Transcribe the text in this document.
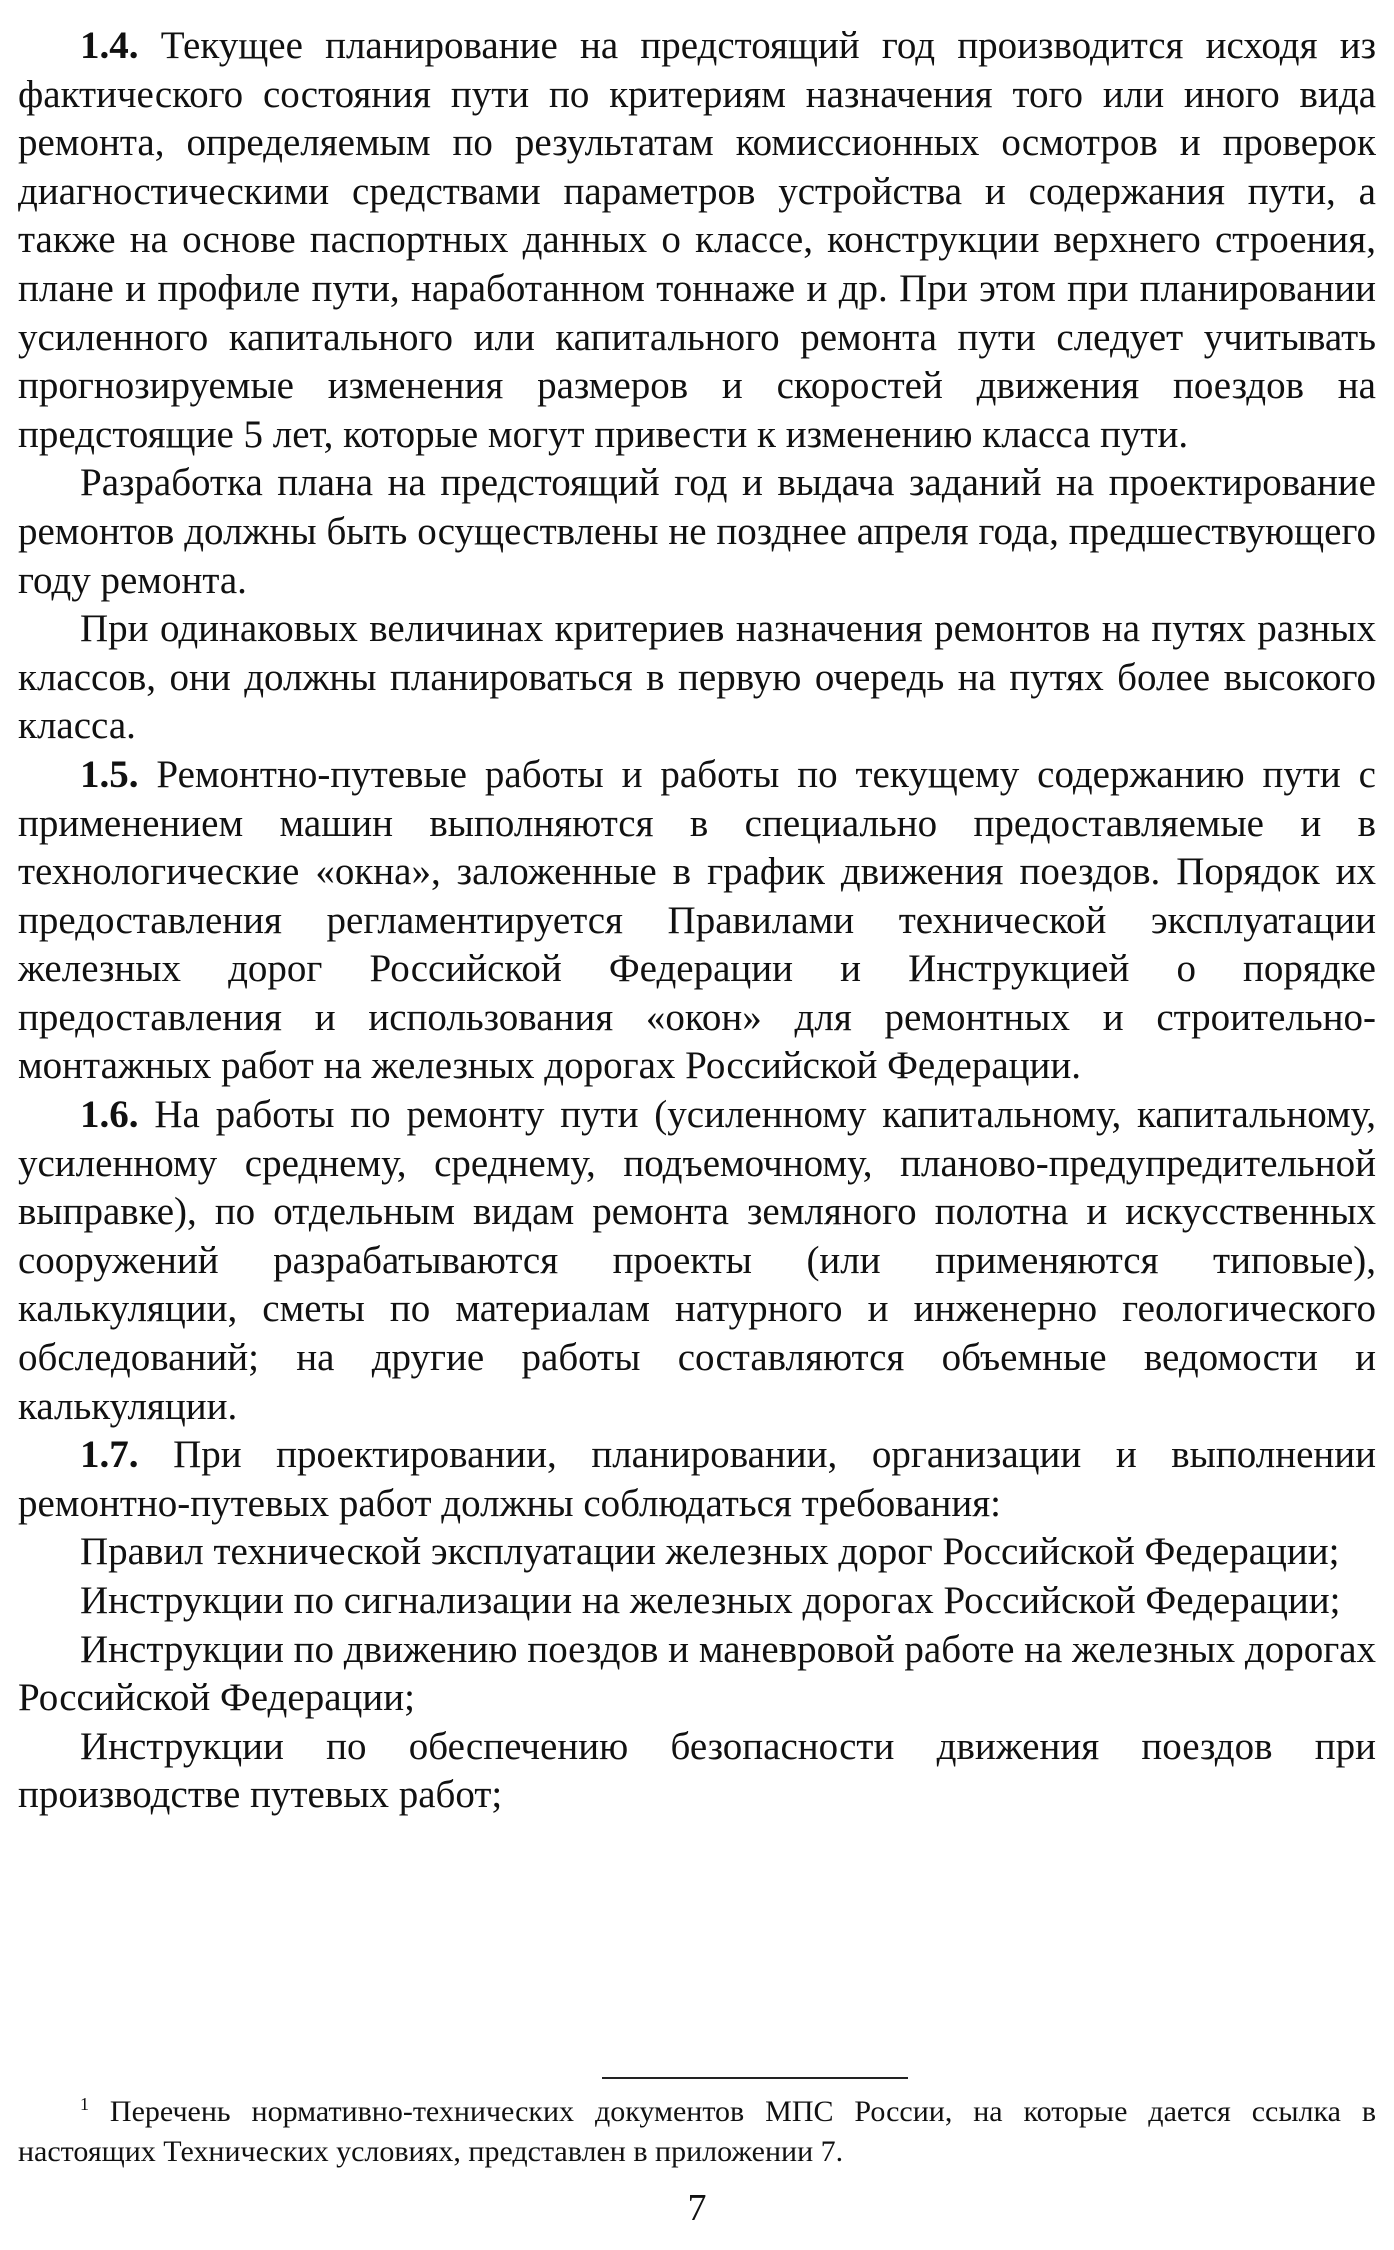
1.4. Текущее планирование на предстоящий год производится исходя из фактического состояния пути по критериям назначения того или иного вида ремонта, определяемым по результатам комиссионных осмотров и проверок диагностическими средствами параметров устройства и содержания пути, а также на основе паспортных данных о классе, конструкции верхнего строения, плане и профиле пути, наработанном тоннаже и др. При этом при планировании усиленного капитального или капитального ремонта пути следует учитывать прогнозируемые изменения размеров и скоростей движения поездов на предстоящие 5 лет, которые могут привести к изменению класса пути.

Разработка плана на предстоящий год и выдача заданий на проектирование ремонтов должны быть осуществлены не позднее апреля года, предшествующего году ремонта.

При одинаковых величинах критериев назначения ремонтов на путях разных классов, они должны планироваться в первую очередь на путях более высокого класса.

1.5. Ремонтно-путевые работы и работы по текущему содержанию пути с применением машин выполняются в специально предоставляемые и в технологические «окна», заложенные в график движения поездов. Порядок их предоставления регламентируется Правилами технической эксплуатации железных дорог Российской Федерации и Инструкцией о порядке предоставления и использования «окон» для ремонтных и строительно-монтажных работ на железных дорогах Российской Федерации.

1.6. На работы по ремонту пути (усиленному капитальному, капитальному, усиленному среднему, среднему, подъемочному, планово-предупредительной выправке), по отдельным видам ремонта земляного полотна и искусственных сооружений разрабатываются проекты (или применяются типовые), калькуляции, сметы по материалам натурного и инженерно геологического обследований; на другие работы составляются объемные ведомости и калькуляции.

1.7. При проектировании, планировании, организации и выполнении ремонтно-путевых работ должны соблюдаться требования:

Правил технической эксплуатации железных дорог Российской Федерации;

Инструкции по сигнализации на железных дорогах Российской Федерации;

Инструкции по движению поездов и маневровой работе на железных дорогах Российской Федерации;

Инструкции по обеспечению безопасности движения поездов при производстве путевых работ;

$^1$ Перечень нормативно-технических документов МПС России, на которые дается ссылка в настоящих Технических условиях, представлен в приложении 7.
7
